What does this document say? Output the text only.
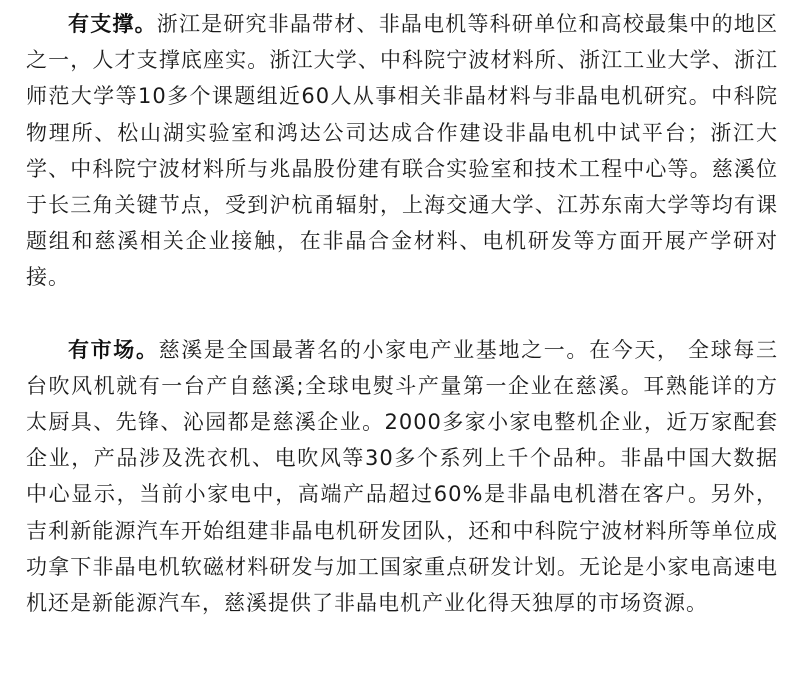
有支撑。浙江是研究非晶带材、非晶电机等科研单位和高校最集中的地区之一，人才支撑底座实。浙江大学、中科院宁波材料所、浙江工业大学、浙江师范大学等10多个课题组近60人从事相关非晶材料与非晶电机研究。中科院物理所、松山湖实验室和鸿达公司达成合作建设非晶电机中试平台；浙江大学、中科院宁波材料所与兆晶股份建有联合实验室和技术工程中心等。慈溪位于长三角关键节点，受到沪杭甬辐射，上海交通大学、江苏东南大学等均有课题组和慈溪相关企业接触，在非晶合金材料、电机研发等方面开展产学研对接。

有市场。慈溪是全国最著名的小家电产业基地之一。在今天， 全球每三台吹风机就有一台产自慈溪;全球电熨斗产量第一企业在慈溪。耳熟能详的方太厨具、先锋、沁园都是慈溪企业。2000多家小家电整机企业，近万家配套企业，产品涉及洗衣机、电吹风等30多个系列上千个品种。非晶中国大数据中心显示，当前小家电中，高端产品超过60%是非晶电机潜在客户。另外，吉利新能源汽车开始组建非晶电机研发团队，还和中科院宁波材料所等单位成功拿下非晶电机软磁材料研发与加工国家重点研发计划。无论是小家电高速电机还是新能源汽车，慈溪提供了非晶电机产业化得天独厚的市场资源。
